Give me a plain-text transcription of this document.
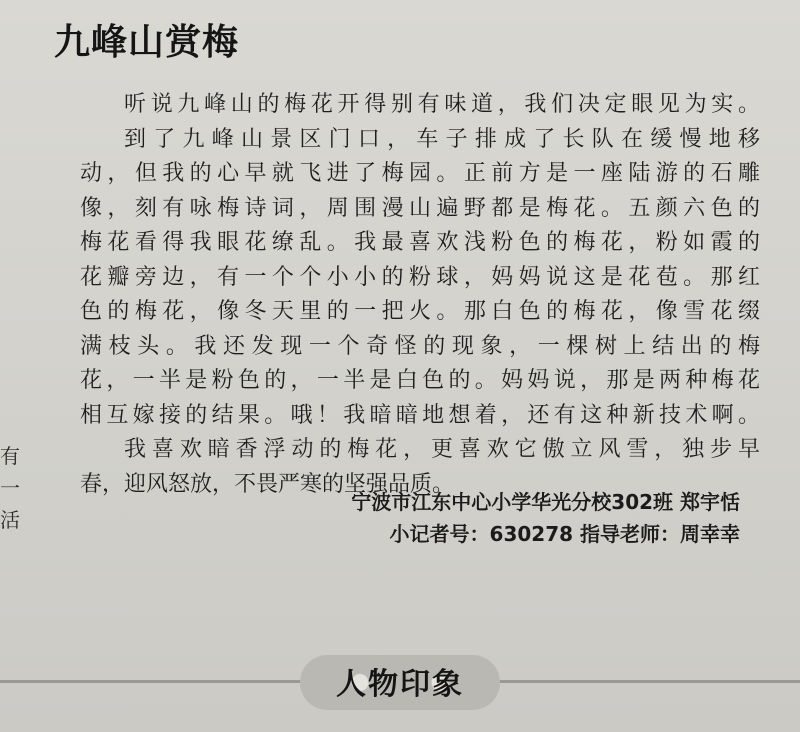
九峰山赏梅
听说九峰山的梅花开得别有味道，我们决定眼见为实。
到了九峰山景区门口，车子排成了长队在缓慢地移
动，但我的心早就飞进了梅园。正前方是一座陆游的石雕
像，刻有咏梅诗词，周围漫山遍野都是梅花。五颜六色的
梅花看得我眼花缭乱。我最喜欢浅粉色的梅花，粉如霞的
花瓣旁边，有一个个小小的粉球，妈妈说这是花苞。那红
色的梅花，像冬天里的一把火。那白色的梅花，像雪花缀
满枝头。我还发现一个奇怪的现象，一棵树上结出的梅
花，一半是粉色的，一半是白色的。妈妈说，那是两种梅花
相互嫁接的结果。哦！我暗暗地想着，还有这种新技术啊。
我喜欢暗香浮动的梅花，更喜欢它傲立风雪，独步早
春，迎风怒放，不畏严寒的坚强品质。
宁波市江东中心小学华光分校302班 郑宇恬
小记者号：630278 指导老师：周幸幸
有
一
活
人物印象
